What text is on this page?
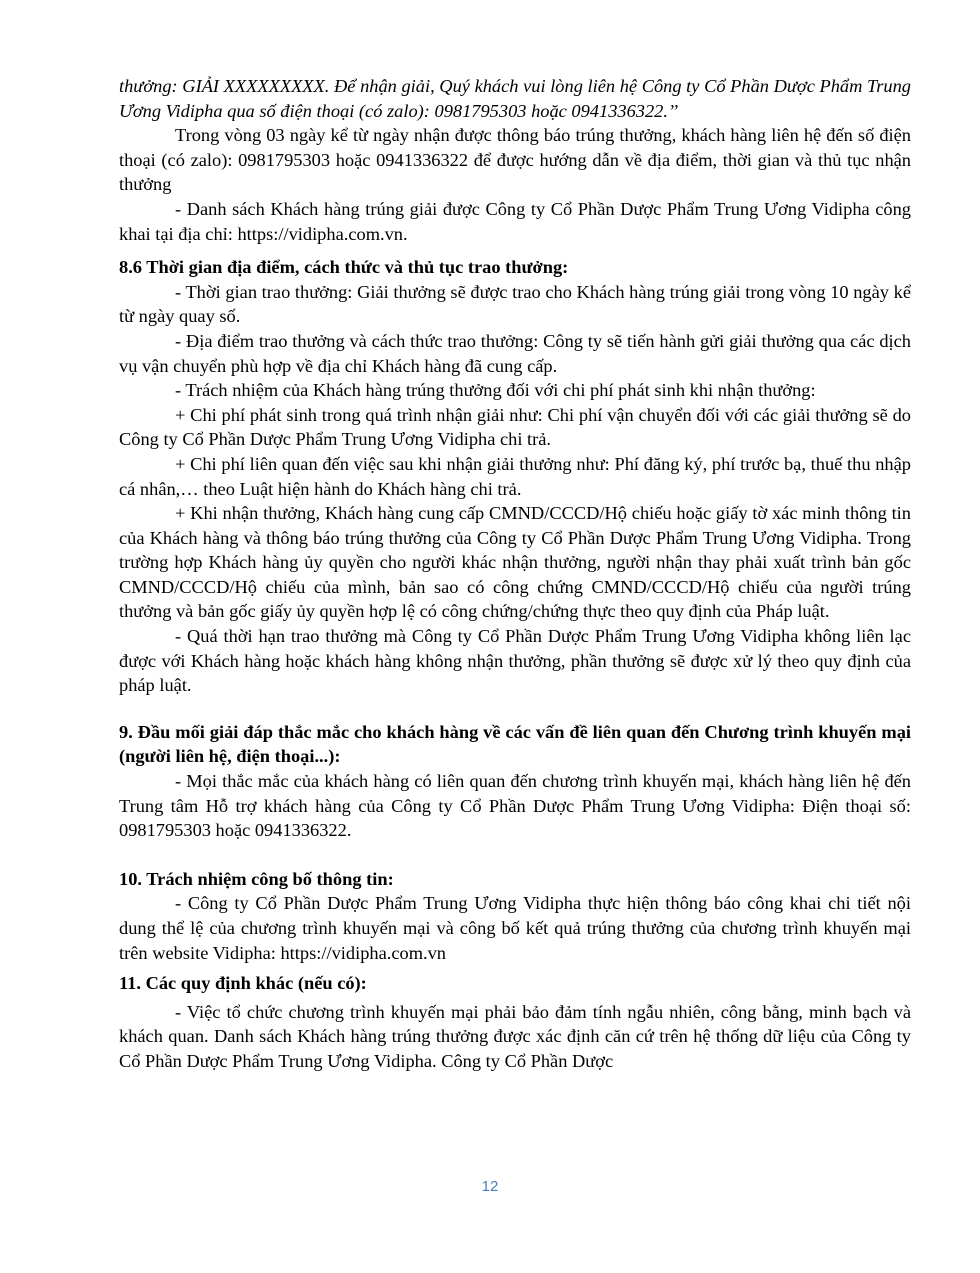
thưởng: GIẢI XXXXXXXXX. Để nhận giải, Quý khách vui lòng liên hệ Công ty Cổ Phần Dược Phẩm Trung Ương Vidipha qua số điện thoại (có zalo): 0981795303 hoặc 0941336322.’’

Trong vòng 03 ngày kể từ ngày nhận được thông báo trúng thưởng, khách hàng liên hệ đến số điện thoại (có zalo): 0981795303 hoặc 0941336322 để được hướng dẫn về địa điểm, thời gian và thủ tục nhận thưởng

- Danh sách Khách hàng trúng giải được Công ty Cổ Phần Dược Phẩm Trung Ương Vidipha công khai tại địa chỉ: https://vidipha.com.vn.

8.6 Thời gian địa điểm, cách thức và thủ tục trao thưởng:

- Thời gian trao thưởng: Giải thưởng sẽ được trao cho Khách hàng trúng giải trong vòng 10 ngày kể từ ngày quay số.

- Địa điểm trao thưởng và cách thức trao thưởng: Công ty sẽ tiến hành gửi giải thưởng qua các dịch vụ vận chuyển phù hợp về địa chỉ Khách hàng đã cung cấp.

- Trách nhiệm của Khách hàng trúng thưởng đối với chi phí phát sinh khi nhận thưởng:

+ Chi phí phát sinh trong quá trình nhận giải như: Chi phí vận chuyển đối với các giải thưởng sẽ do Công ty Cổ Phần Dược Phẩm Trung Ương Vidipha chi trả.

+ Chi phí liên quan đến việc sau khi nhận giải thưởng như: Phí đăng ký, phí trước bạ, thuế thu nhập cá nhân,… theo Luật hiện hành do Khách hàng chi trả.

+ Khi nhận thưởng, Khách hàng cung cấp CMND/CCCD/Hộ chiếu hoặc giấy tờ xác minh thông tin của Khách hàng và thông báo trúng thưởng của Công ty Cổ Phần Dược Phẩm Trung Ương Vidipha. Trong trường hợp Khách hàng ủy quyền cho người khác nhận thưởng, người nhận thay phải xuất trình bản gốc CMND/CCCD/Hộ chiếu của mình, bản sao có công chứng CMND/CCCD/Hộ chiếu của người trúng thưởng và bản gốc giấy ủy quyền hợp lệ có công chứng/chứng thực theo quy định của Pháp luật.

- Quá thời hạn trao thưởng mà Công ty Cổ Phần Dược Phẩm Trung Ương Vidipha không liên lạc được với Khách hàng hoặc khách hàng không nhận thưởng, phần thưởng sẽ được xử lý theo quy định của pháp luật.

9. Đầu mối giải đáp thắc mắc cho khách hàng về các vấn đề liên quan đến Chương trình khuyến mại (người liên hệ, điện thoại...):

- Mọi thắc mắc của khách hàng có liên quan đến chương trình khuyến mại, khách hàng liên hệ đến Trung tâm Hỗ trợ khách hàng của Công ty Cổ Phần Dược Phẩm Trung Ương Vidipha: Điện thoại số: 0981795303 hoặc 0941336322.

10. Trách nhiệm công bố thông tin:

- Công ty Cổ Phần Dược Phẩm Trung Ương Vidipha thực hiện thông báo công khai chi tiết nội dung thể lệ của chương trình khuyến mại và công bố kết quả trúng thưởng của chương trình khuyến mại trên website Vidipha: https://vidipha.com.vn

11. Các quy định khác (nếu có):

- Việc tổ chức chương trình khuyến mại phải bảo đảm tính ngẫu nhiên, công bằng, minh bạch và khách quan. Danh sách Khách hàng trúng thưởng được xác định căn cứ trên hệ thống dữ liệu của Công ty Cổ Phần Dược Phẩm Trung Ương Vidipha. Công ty Cổ Phần Dược

12
